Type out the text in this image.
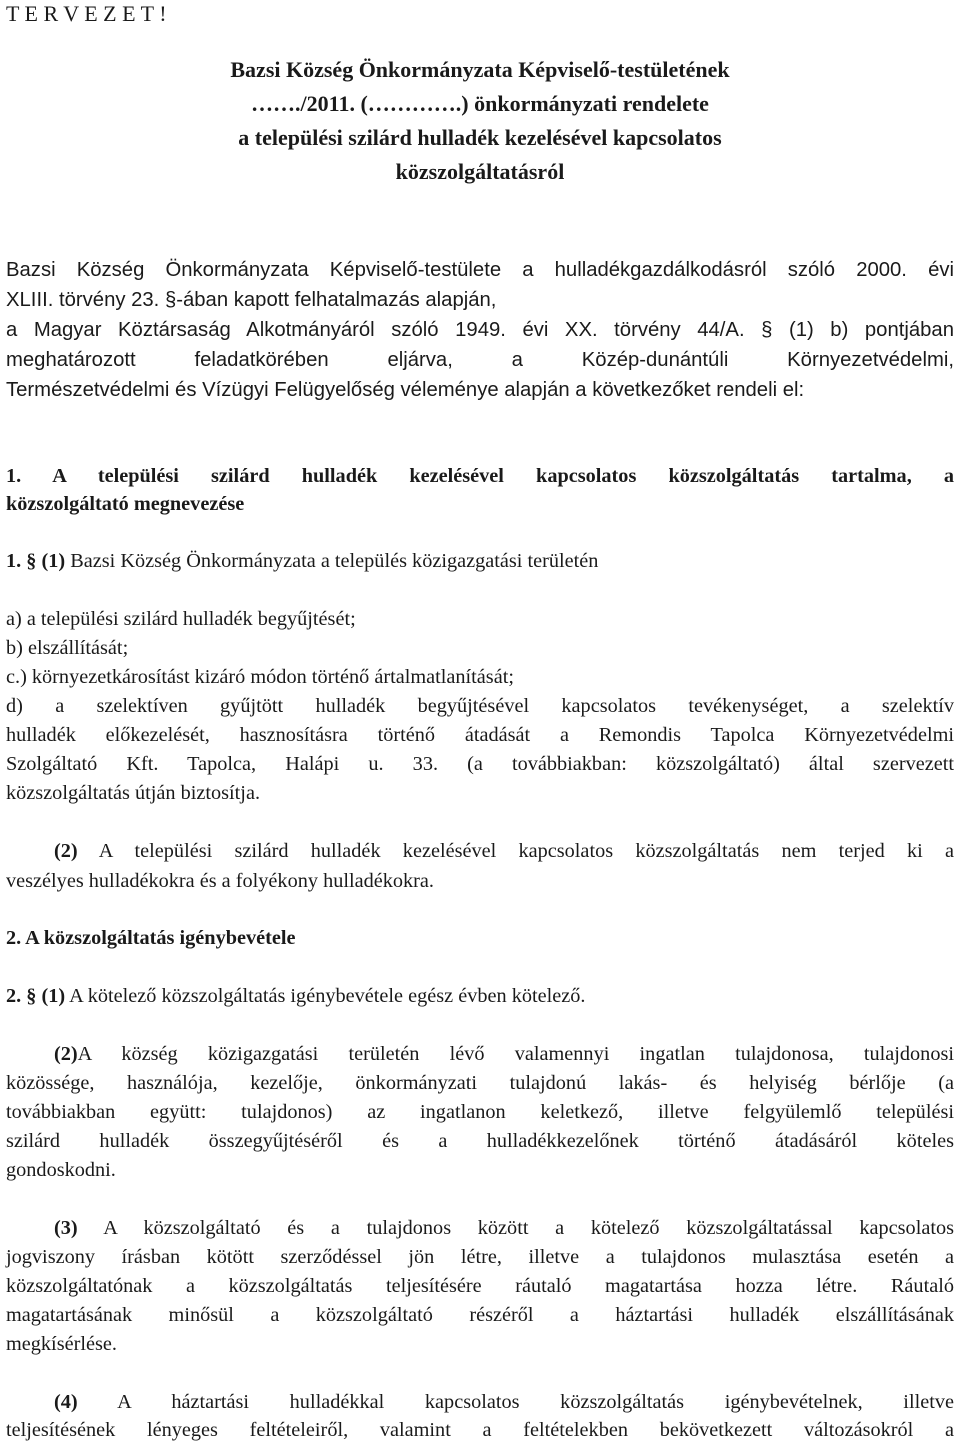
T E R V E Z E T !
Bazsi Község Önkormányzata Képviselő-testületének
……./2011. (………….) önkormányzati rendelete
a települési szilárd hulladék kezelésével kapcsolatos
közszolgáltatásról
Bazsi Község Önkormányzata Képviselő-testülete a hulladékgazdálkodásról szóló 2000. évi
XLIII. törvény 23. §-ában kapott felhatalmazás alapján,
a Magyar Köztársaság Alkotmányáról szóló 1949. évi XX. törvény 44/A. § (1) b) pontjában
meghatározott feladatkörében eljárva, a Közép-dunántúli Környezetvédelmi,
Természetvédelmi és Vízügyi Felügyelőség véleménye alapján a következőket rendeli el:
1. A települési szilárd hulladék kezelésével kapcsolatos közszolgáltatás tartalma, a
közszolgáltató megnevezése
1. § (1) Bazsi Község Önkormányzata a település közigazgatási területén
a) a települési szilárd hulladék begyűjtését;
b) elszállítását;
c.) környezetkárosítást kizáró módon történő ártalmatlanítását;
d) a szelektíven gyűjtött hulladék begyűjtésével kapcsolatos tevékenységet, a szelektív
hulladék előkezelését, hasznosításra történő átadását a Remondis Tapolca Környezetvédelmi
Szolgáltató Kft. Tapolca, Halápi u. 33. (a továbbiakban: közszolgáltató) által szervezett
közszolgáltatás útján biztosítja.
(2) A települési szilárd hulladék kezelésével kapcsolatos közszolgáltatás nem terjed ki a
veszélyes hulladékokra és a folyékony hulladékokra.
2. A közszolgáltatás igénybevétele
2. § (1) A kötelező közszolgáltatás igénybevétele egész évben kötelező.
(2)A község közigazgatási területén lévő valamennyi ingatlan tulajdonosa, tulajdonosi
közössége, használója, kezelője, önkormányzati tulajdonú lakás- és helyiség bérlője (a
továbbiakban együtt: tulajdonos) az ingatlanon keletkező, illetve felgyülemlő települési
szilárd hulladék összegyűjtéséről és a hulladékkezelőnek történő átadásáról köteles
gondoskodni.
(3) A közszolgáltató és a tulajdonos között a kötelező közszolgáltatással kapcsolatos
jogviszony írásban kötött szerződéssel jön létre, illetve a tulajdonos mulasztása esetén a
közszolgáltatónak a közszolgáltatás teljesítésére ráutaló magatartása hozza létre. Ráutaló
magatartásának minősül a közszolgáltató részéről a háztartási hulladék elszállításának
megkísérlése.
(4) A háztartási hulladékkal kapcsolatos közszolgáltatás igénybevételnek, illetve
teljesítésének lényeges feltételeiről, valamint a feltételekben bekövetkezett változásokról a
